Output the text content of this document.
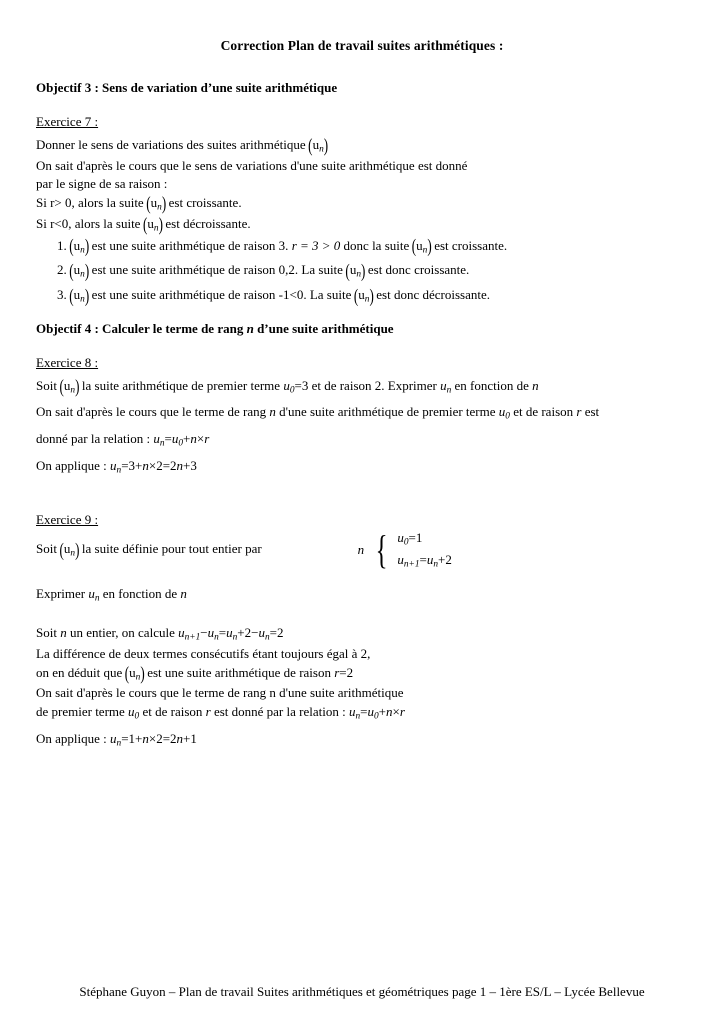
Correction Plan de travail suites arithmétiques :
Objectif 3 : Sens de variation d’une suite arithmétique
Exercice 7 :
Donner le sens de variations des suites arithmétique ( $u_n$ )
On sait d'après le cours que le sens de variations d'une suite arithmétique est donné
par le signe de sa raison :
Si r> 0, alors la suite ( $u_n$ ) est croissante.
Si r<0, alors la suite ( $u_n$ ) est décroissante.
1. ( $u_n$ ) est une suite arithmétique de raison 3. r = 3 > 0 donc la suite ( $u_n$ ) est croissante.
2. ( $u_n$ ) est une suite arithmétique de raison 0,2. La suite ( $u_n$ ) est donc croissante.
3. ( $u_n$ ) est une suite arithmétique de raison -1<0. La suite ( $u_n$ ) est donc décroissante.
Objectif 4 : Calculer le terme de rang n d’une suite arithmétique
Exercice 8 :
Soit ( $u_n$ ) la suite arithmétique de premier terme $u_0=3$ et de raison 2. Exprimer $u_n$ en fonction de n
On sait d'après le cours que le terme de rang n d'une suite arithmétique de premier terme $u_0$ et de raison r est
donné par la relation : $u_n=u_0+n\times r$
On applique : $u_n=3+n\times 2=2n+3$
Exercice 9 :
Soit ( $u_n$ ) la suite définie pour tout entier par	n { $u_0=1$
$u_{n+1}=u_n+2$
Exprimer $u_n$ en fonction de n
Soit n un entier, on calcule $u_{n+1}-u_n=u_n+2-u_n=2$
La différence de deux termes consécutifs étant toujours égal à 2,
on en déduit que ( $u_n$ ) est une suite arithmétique de raison r=2
On sait d'après le cours que le terme de rang n d'une suite arithmétique
de premier terme $u_0$ et de raison r est donné par la relation : $u_n=u_0+n\times r$
On applique : $u_n=1+n\times 2=2n+1$
Stéphane Guyon – Plan de travail Suites arithmétiques et géométriques page 1 – 1ère ES/L – Lycée Bellevue
